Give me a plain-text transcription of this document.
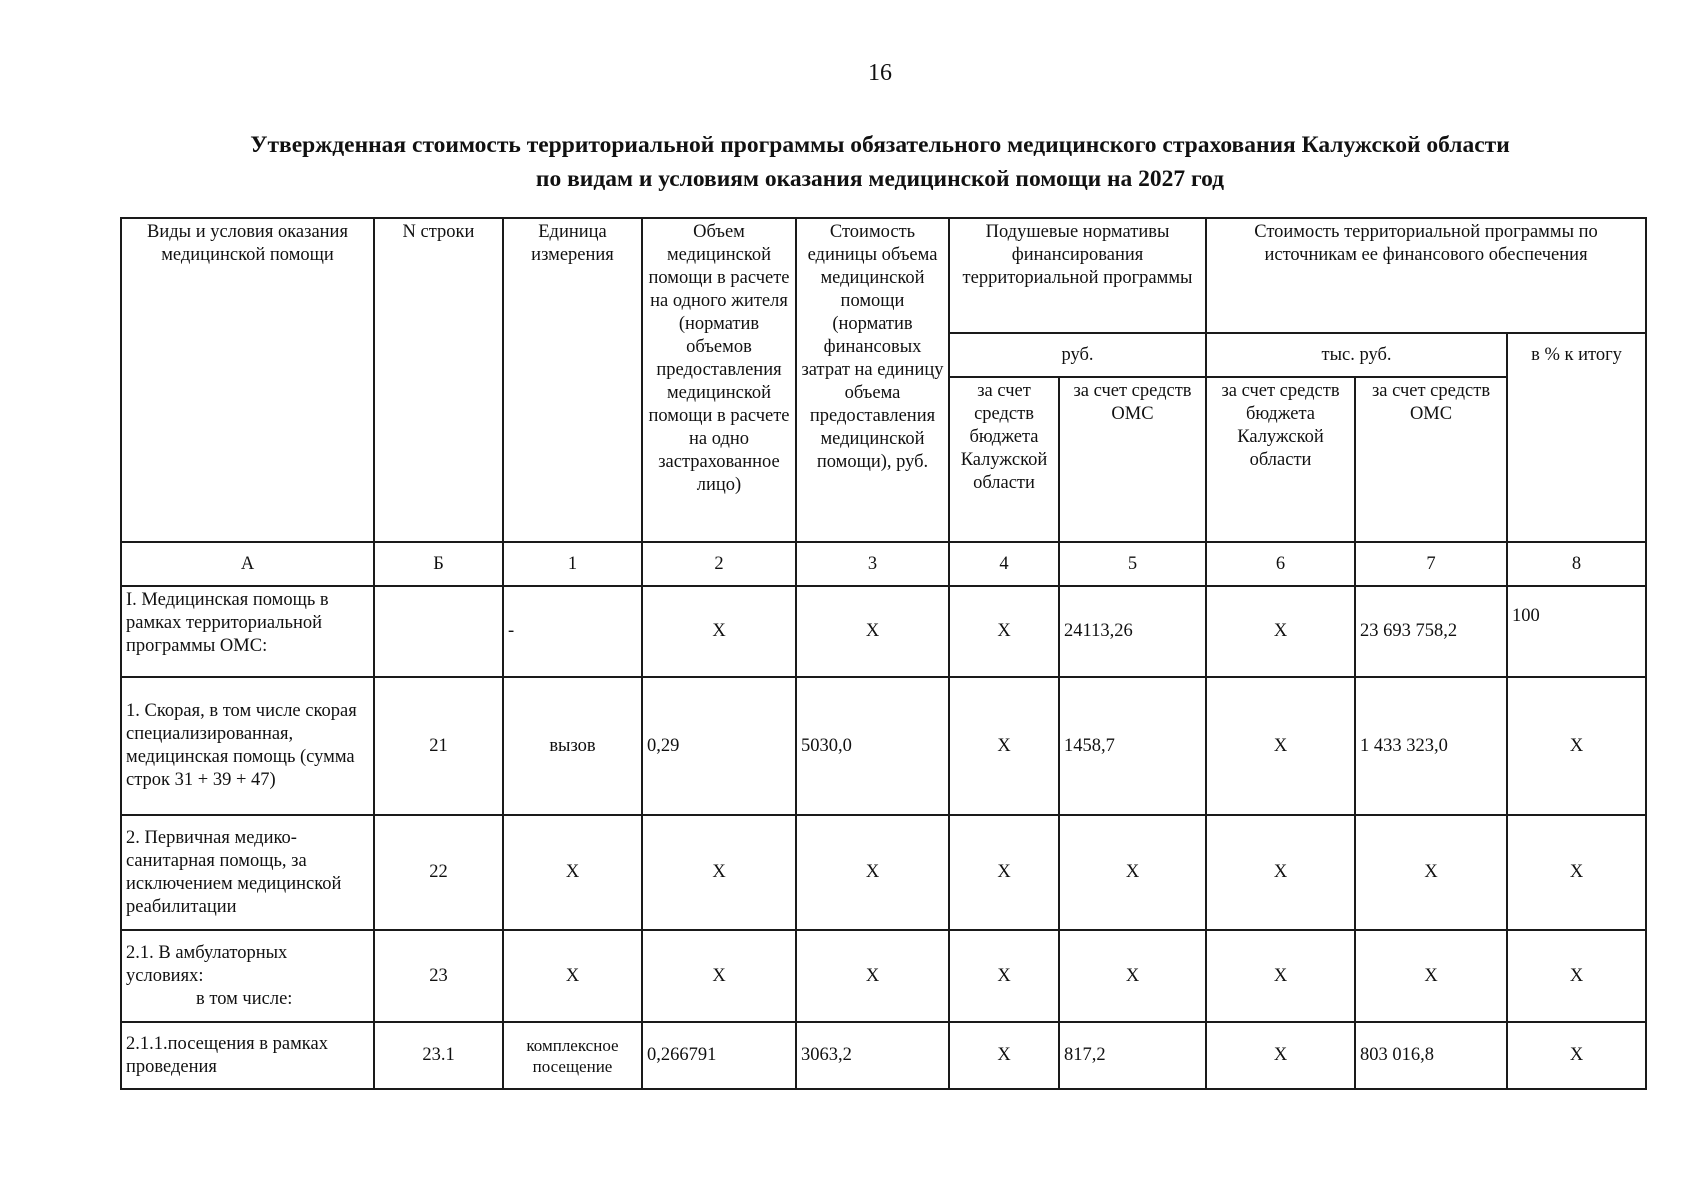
16
Утвержденная стоимость территориальной программы обязательного медицинского страхования Калужской области
по видам и условиям оказания медицинской помощи на 2027 год
Виды и условия оказания медицинской помощи	N строки	Единица измерения	Объем медицинской помощи в расчете на одного жителя (норматив объемов предоставления медицинской помощи в расчете на одно застрахованное лицо)	Стоимость единицы объема медицинской помощи (норматив финансовых затрат на единицу объема предоставления медицинской помощи), руб.	Подушевые нормативы финансирования территориальной программы		Стоимость территориальной программы по источникам ее финансового обеспечения		
					руб.		тыс. руб.		в % к итогу
					за счет средств бюджета Калужской области	за счет средств ОМС	за счет средств бюджета Калужской области	за счет средств ОМС	
А	Б	1	2	3	4	5	6	7	8
I. Медицинская помощь в рамках территориальной программы ОМС:		-	X	X	X	24113,26	X	23 693 758,2	100
1. Скорая, в том числе скорая специализированная, медицинская помощь (сумма строк 31 + 39 + 47)	21	вызов	0,29	5030,0	X	1458,7	X	1 433 323,0	X
2. Первичная медико-санитарная помощь, за исключением медицинской реабилитации	22	X	X	X	X	X	X	X	X

2.1. В амбулаторных условиях:
в том числе:	23	X	X	X	X	X	X	X	X
2.1.1.посещения в рамках проведения	23.1	комплексное посещение	0,266791	3063,2	X	817,2	X	803 016,8	X
